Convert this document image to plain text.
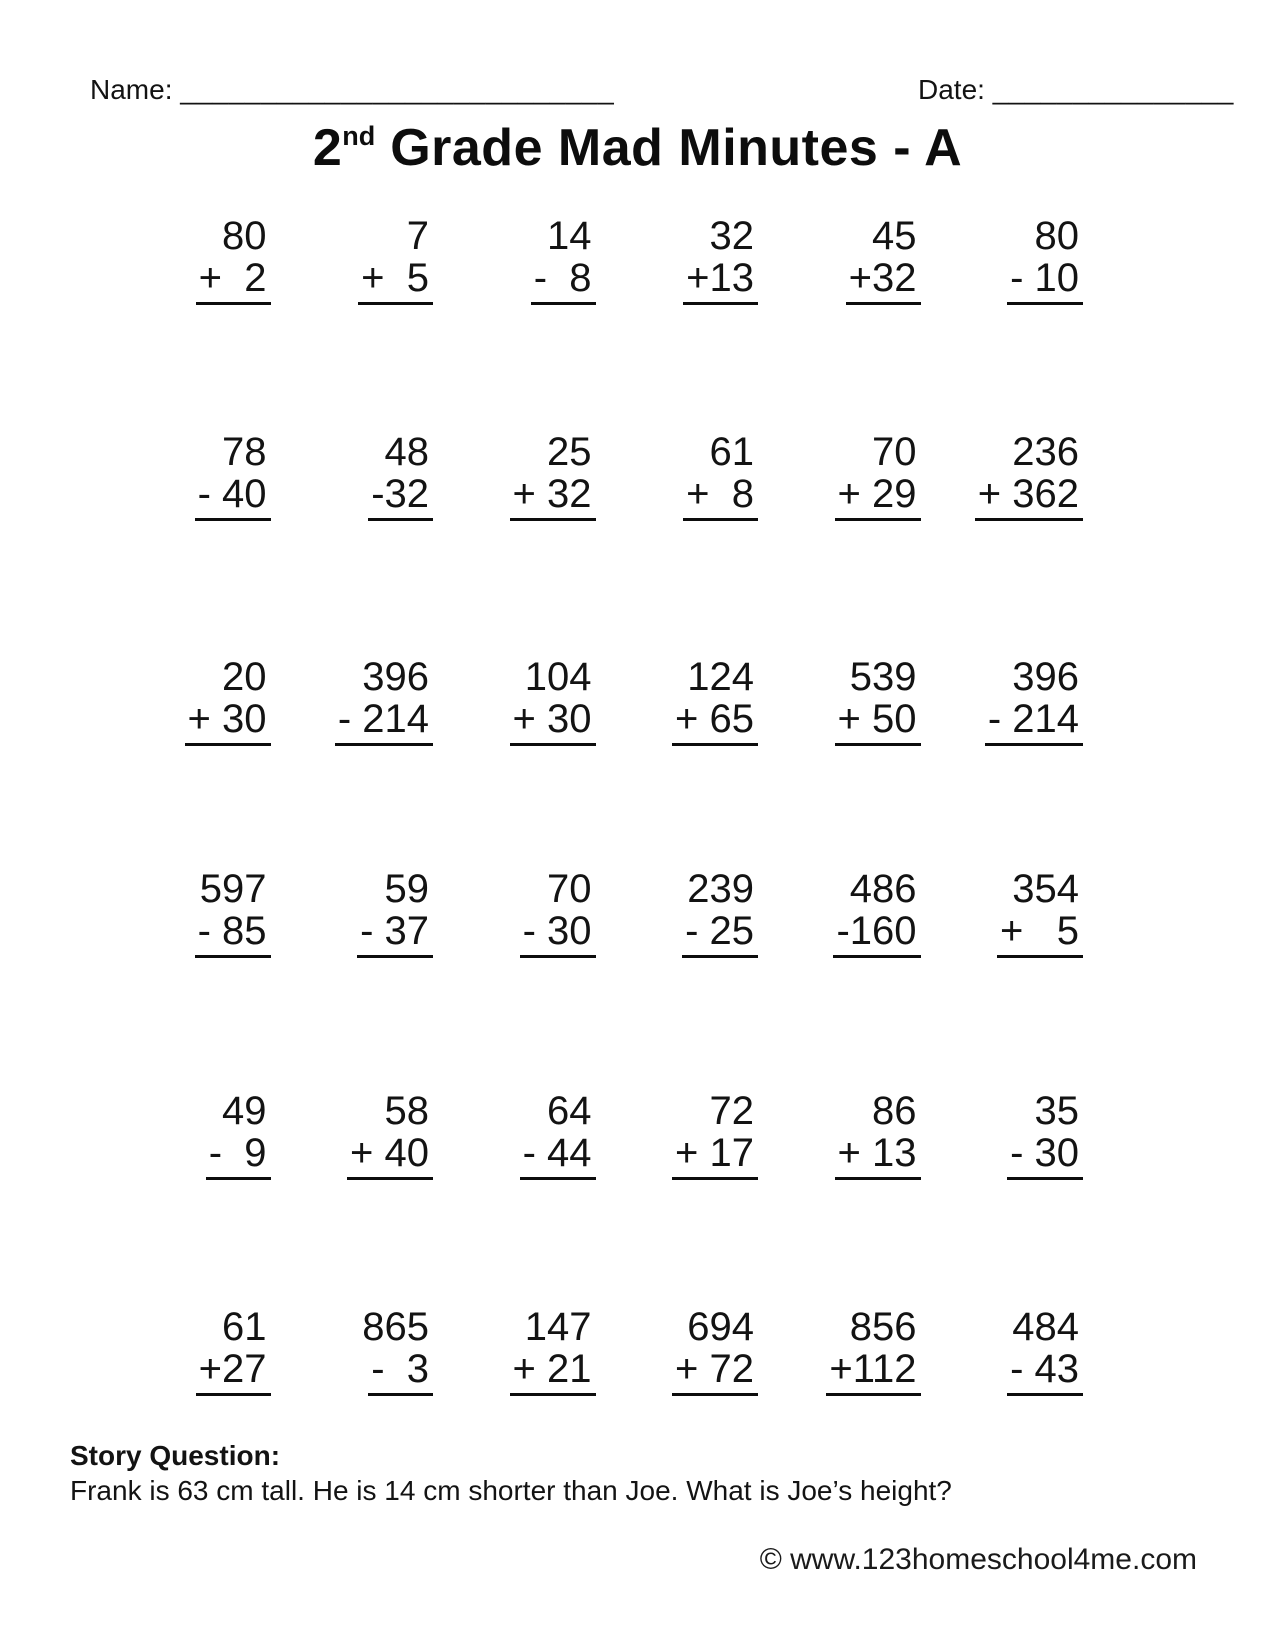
Name: ___________________________	Date: _______________
2nd Grade Mad Minutes - A
80
+  2
7
+  5
14
-  8
32
+13
45
+32
80
- 10
78
- 40
48
-32
25
+ 32
61
+  8
70
+ 29
236
+ 362
20
+ 30
396
- 214
104
+ 30
124
+ 65
539
+ 50
396
- 214
597
- 85
59
- 37
70
- 30
239
- 25
486
-160
354
+   5
49
-  9
58
+ 40
64
- 44
72
+ 17
86
+ 13
35
- 30
61
+27
865
-  3
147
+ 21
694
+ 72
856
+112
484
- 43
Story Question:
Frank is 63 cm tall. He is 14 cm shorter than Joe. What is Joe’s height?
© www.123homeschool4me.com
